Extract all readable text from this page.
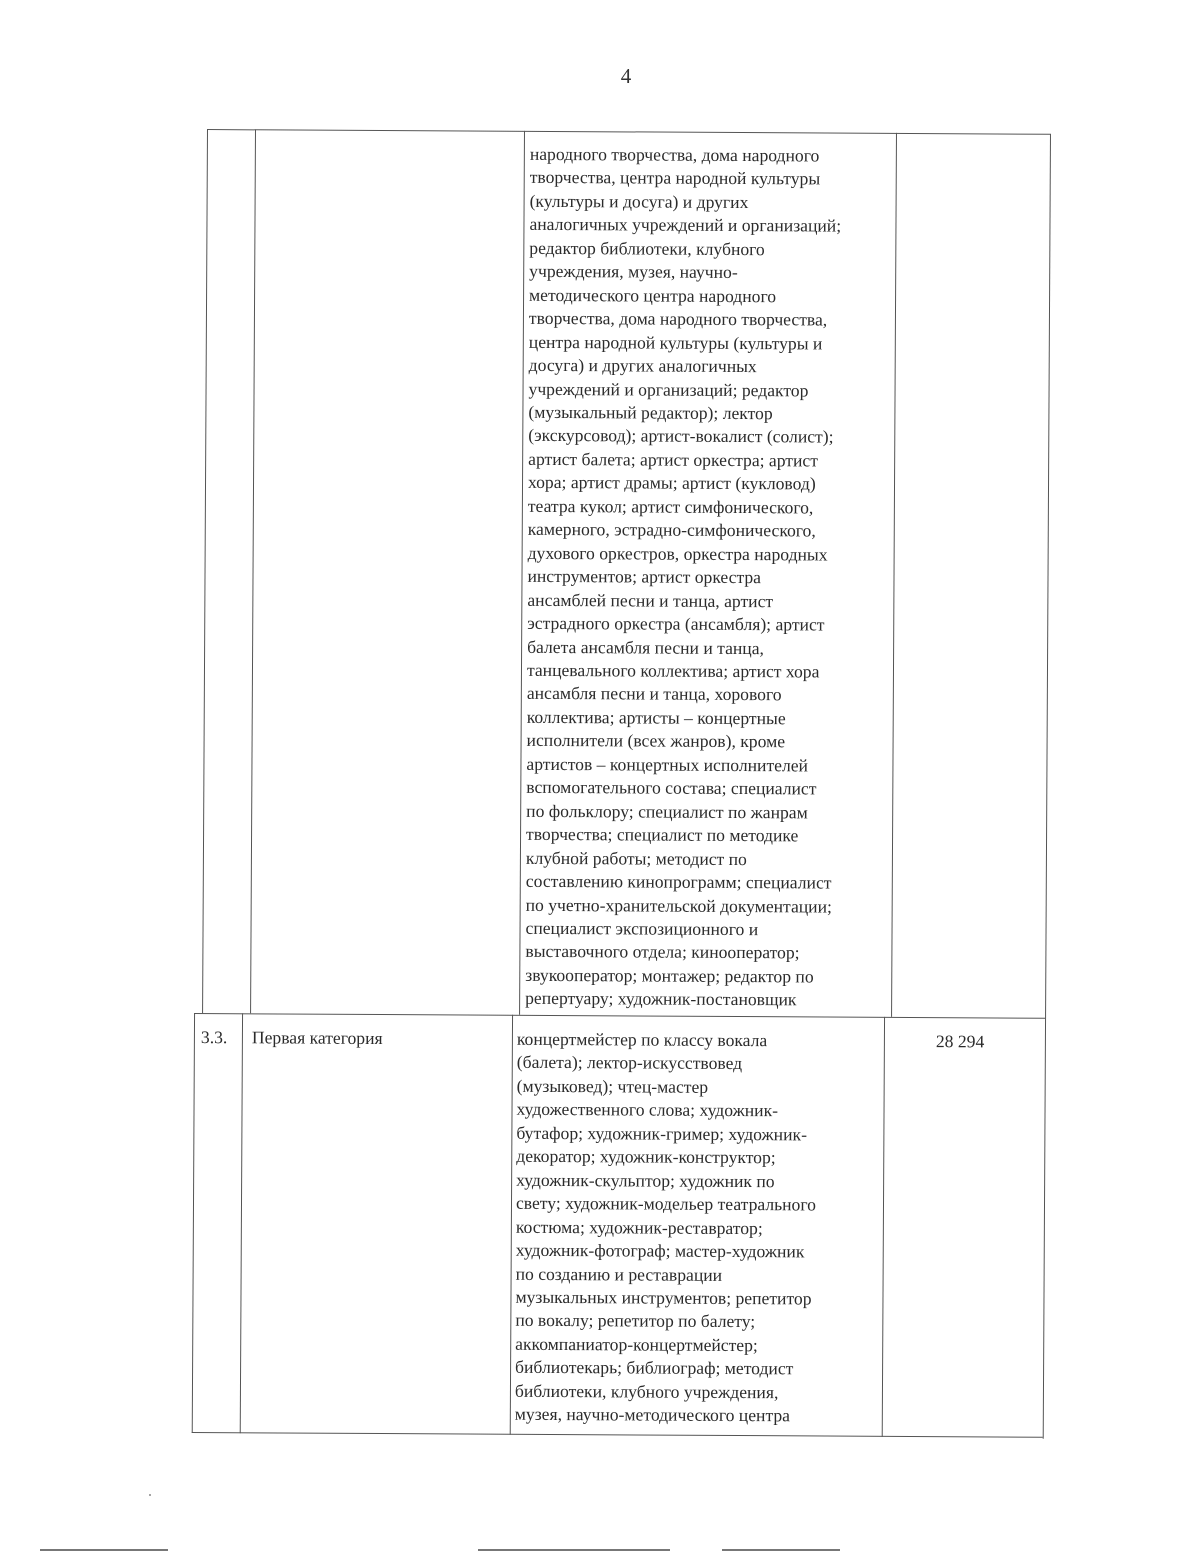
4
народного творчества, дома народного
творчества, центра народной культуры
(культуры и досуга) и других
аналогичных учреждений и организаций;
редактор библиотеки, клубного
учреждения, музея, научно-
методического центра народного
творчества, дома народного творчества,
центра народной культуры (культуры и
досуга) и других аналогичных
учреждений и организаций; редактор
(музыкальный редактор); лектор
(экскурсовод); артист-вокалист (солист);
артист балета; артист оркестра; артист
хора; артист драмы; артист (кукловод)
театра кукол; артист симфонического,
камерного, эстрадно-симфонического,
духового оркестров, оркестра народных
инструментов; артист оркестра
ансамблей песни и танца, артист
эстрадного оркестра (ансамбля); артист
балета ансамбля песни и танца,
танцевального коллектива; артист хора
ансамбля песни и танца, хорового
коллектива; артисты – концертные
исполнители (всех жанров), кроме
артистов – концертных исполнителей
вспомогательного состава; специалист
по фольклору; специалист по жанрам
творчества; специалист по методике
клубной работы; методист по
составлению кинопрограмм; специалист
по учетно-хранительской документации;
специалист экспозиционного и
выставочного отдела; кинооператор;
звукооператор; монтажер; редактор по
репертуару; художник-постановщик
3.3. Первая категория	28 294
концертмейстер по классу вокала
(балета); лектор-искусствовед
(музыковед); чтец-мастер
художественного слова; художник-
бутафор; художник-гример; художник-
декоратор; художник-конструктор;
художник-скульптор; художник по
свету; художник-модельер театрального
костюма; художник-реставратор;
художник-фотограф; мастер-художник
по созданию и реставрации
музыкальных инструментов; репетитор
по вокалу; репетитор по балету;
аккомпаниатор-концертмейстер;
библиотекарь; библиограф; методист
библиотеки, клубного учреждения,
музея, научно-методического центра
